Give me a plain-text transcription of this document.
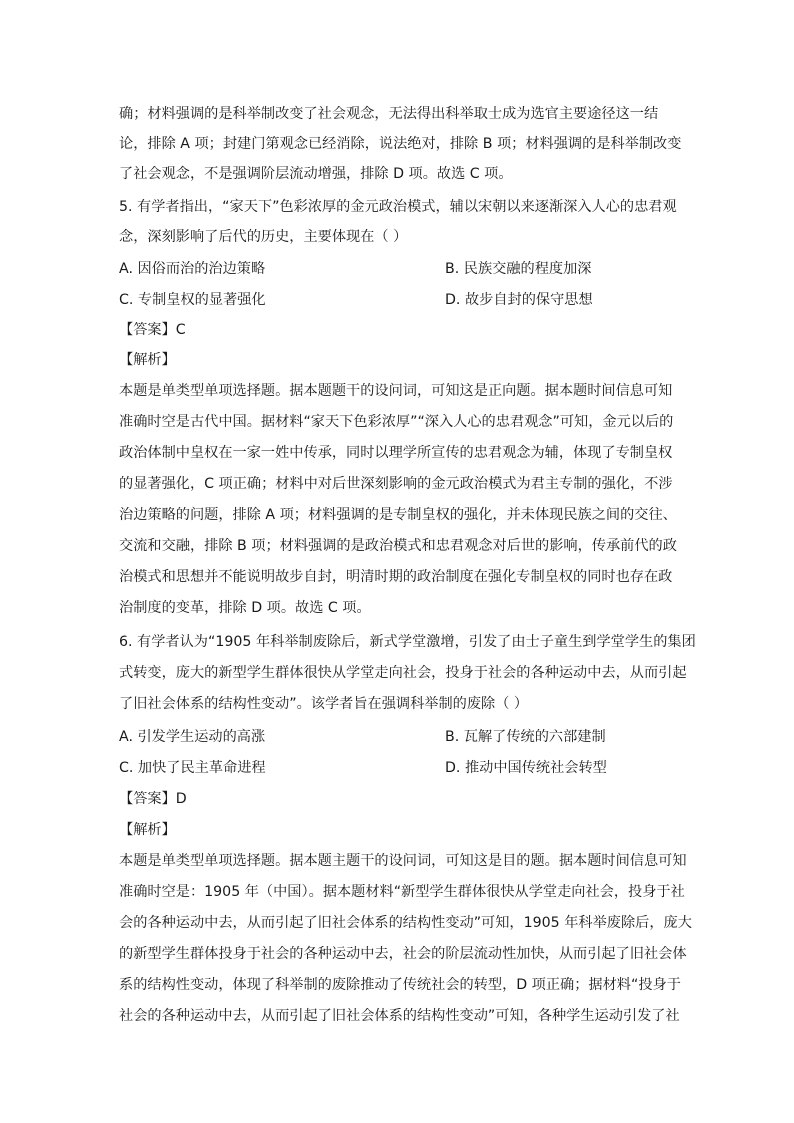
确；材料强调的是科举制改变了社会观念，无法得出科举取士成为选官主要途径这一结
论，排除 A 项；封建门第观念已经消除，说法绝对，排除 B 项；材料强调的是科举制改变
了社会观念，不是强调阶层流动增强，排除 D 项。故选 C 项。
5. 有学者指出，“家天下”色彩浓厚的金元政治模式，辅以宋朝以来逐渐深入人心的忠君观
念，深刻影响了后代的历史，主要体现在（ ）
A. 因俗而治的治边策略	B. 民族交融的程度加深
C. 专制皇权的显著强化	D. 故步自封的保守思想
【答案】C
【解析】
本题是单类型单项选择题。据本题题干的设问词，可知这是正向题。据本题时间信息可知
准确时空是古代中国。据材料“家天下色彩浓厚”“深入人心的忠君观念”可知，金元以后的
政治体制中皇权在一家一姓中传承，同时以理学所宣传的忠君观念为辅，体现了专制皇权
的显著强化，C 项正确；材料中对后世深刻影响的金元政治模式为君主专制的强化，不涉
治边策略的问题，排除 A 项；材料强调的是专制皇权的强化，并未体现民族之间的交往、
交流和交融，排除 B 项；材料强调的是政治模式和忠君观念对后世的影响，传承前代的政
治模式和思想并不能说明故步自封，明清时期的政治制度在强化专制皇权的同时也存在政
治制度的变革，排除 D 项。故选 C 项。
6. 有学者认为“1905 年科举制废除后，新式学堂激增，引发了由士子童生到学堂学生的集团
式转变，庞大的新型学生群体很快从学堂走向社会，投身于社会的各种运动中去，从而引起
了旧社会体系的结构性变动”。该学者旨在强调科举制的废除（ ）
A. 引发学生运动的高涨	B. 瓦解了传统的六部建制
C. 加快了民主革命进程	D. 推动中国传统社会转型
【答案】D
【解析】
本题是单类型单项选择题。据本题主题干的设问词，可知这是目的题。据本题时间信息可知
准确时空是：1905 年（中国）。据本题材料“新型学生群体很快从学堂走向社会，投身于社
会的各种运动中去，从而引起了旧社会体系的结构性变动”可知，1905 年科举废除后，庞大
的新型学生群体投身于社会的各种运动中去，社会的阶层流动性加快，从而引起了旧社会体
系的结构性变动，体现了科举制的废除推动了传统社会的转型，D 项正确；据材料“投身于
社会的各种运动中去，从而引起了旧社会体系的结构性变动”可知，各种学生运动引发了社
